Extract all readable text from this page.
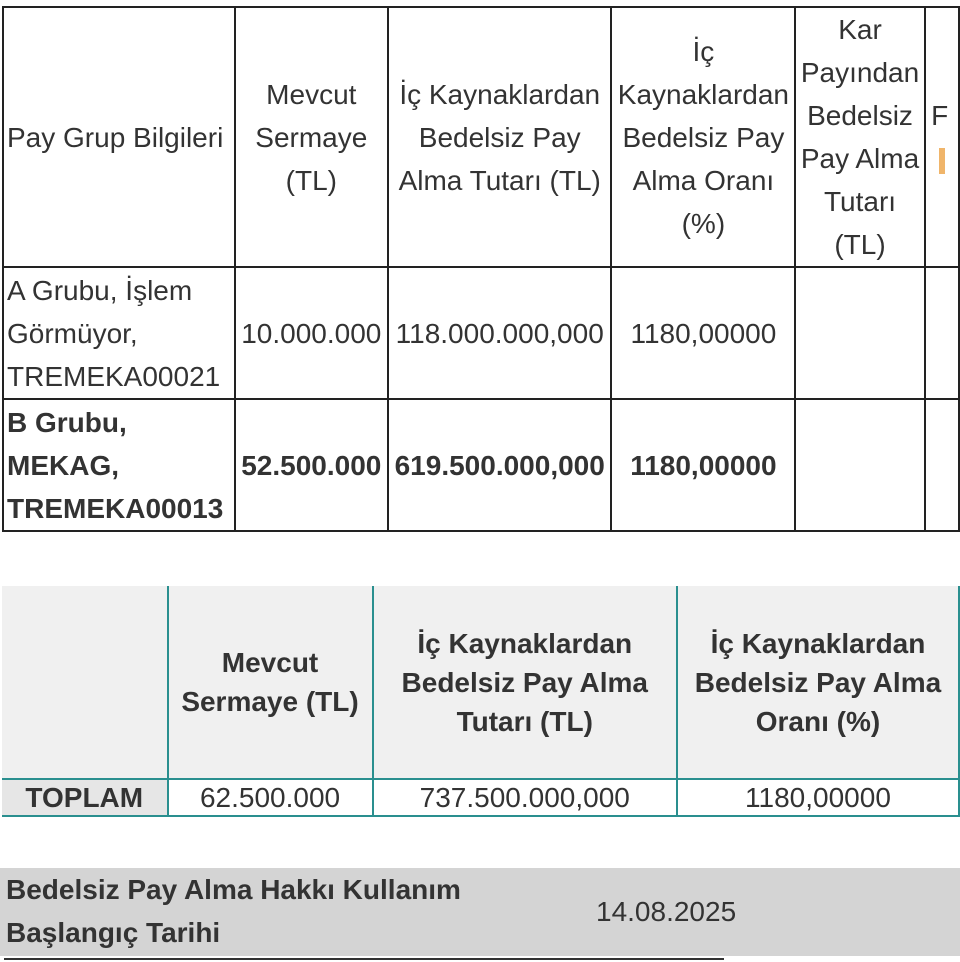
Pay Grup Bilgileri	Mevcut Sermaye (TL)	İç Kaynaklardan Bedelsiz Pay Alma Tutarı (TL)	İç Kaynaklardan Bedelsiz Pay Alma Oranı (%)	Kar Payından Bedelsiz Pay Alma Tutarı (TL)	F

A Grubu, İşlem
Görmüyor,
TREMEKA00021	10.000.000	118.000.000,000	1180,00000		
B Grubu,
MEKAG,
TREMEKA00013	52.500.000	619.500.000,000	1180,00000		
	Mevcut Sermaye (TL)	İç Kaynaklardan Bedelsiz Pay Alma Tutarı (TL)	İç Kaynaklardan Bedelsiz Pay Alma Oranı (%)
TOPLAM	62.500.000	737.500.000,000	1180,00000
Bedelsiz Pay Alma Hakkı Kullanım Başlangıç Tarihi
14.08.2025
